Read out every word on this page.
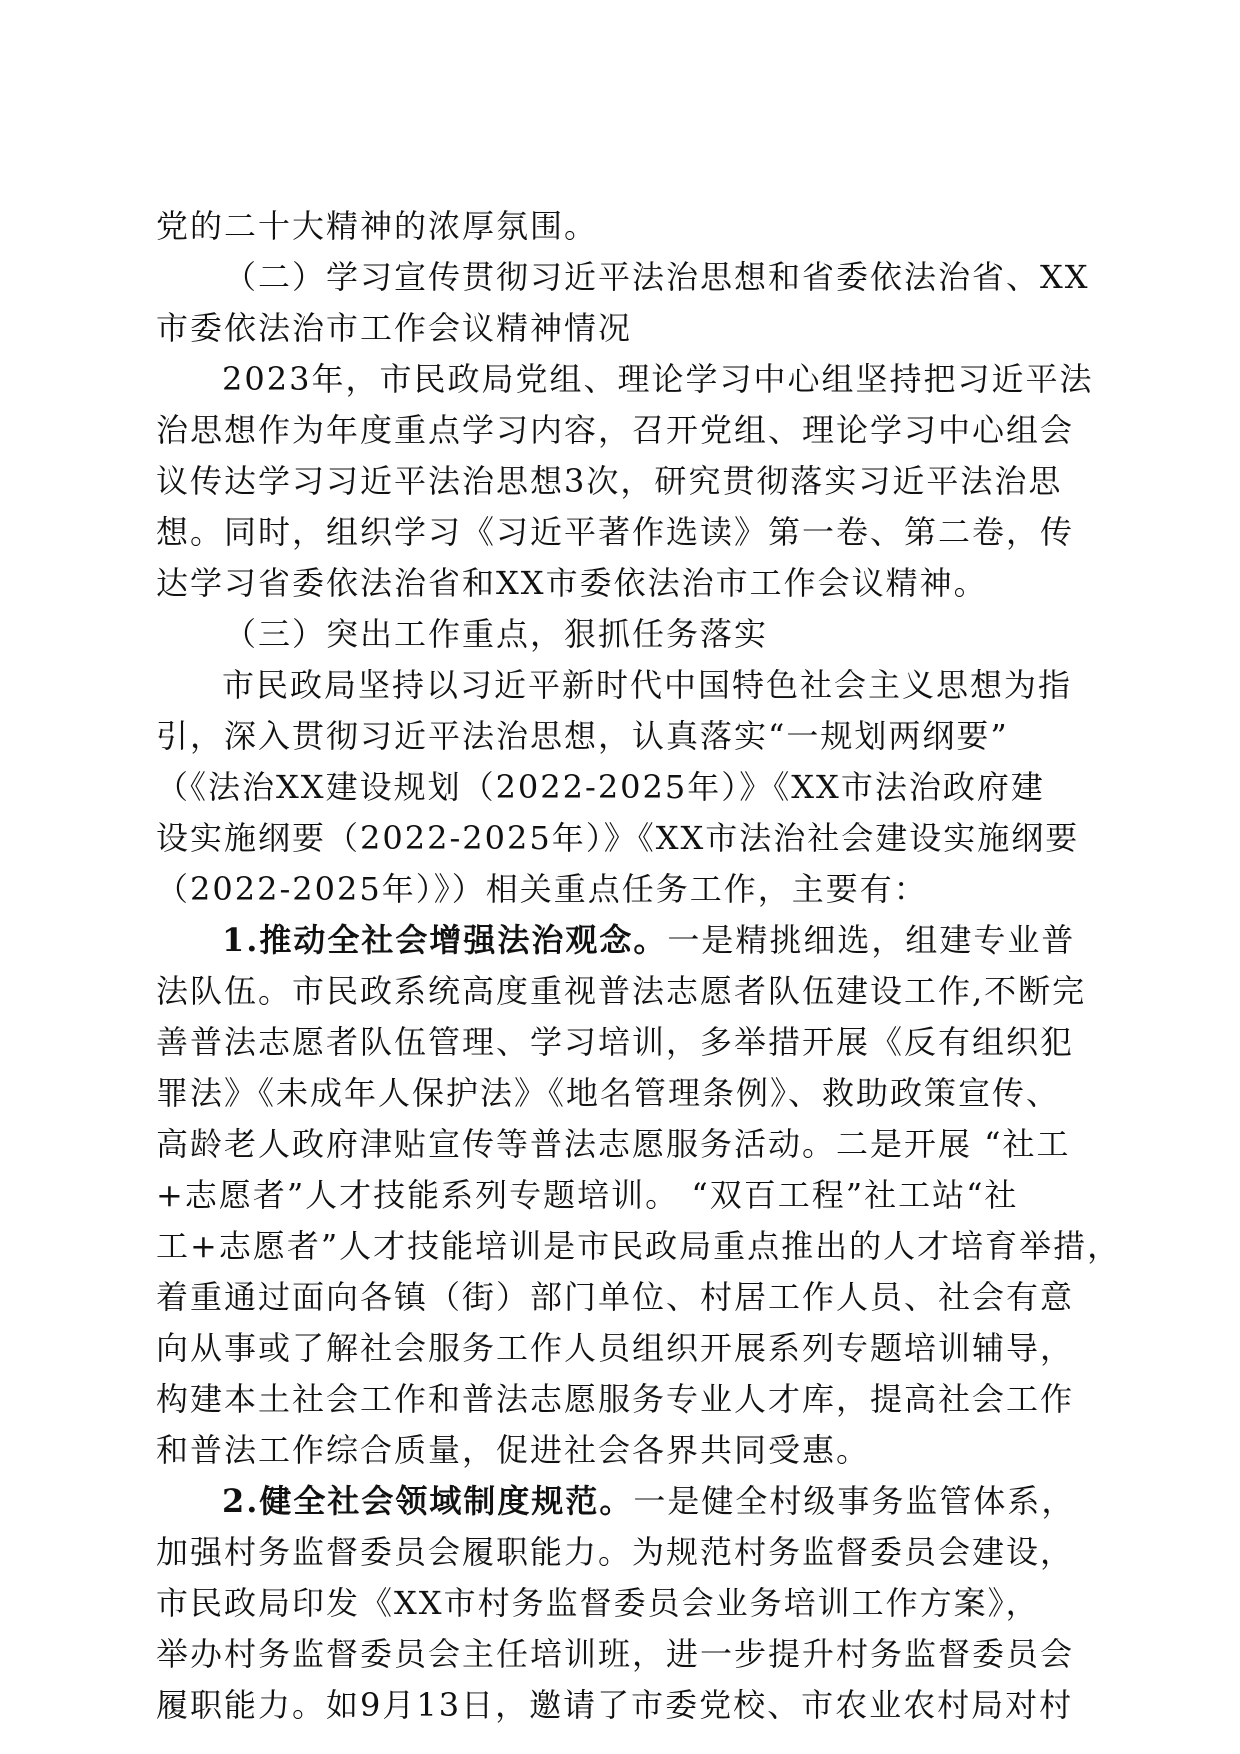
党的二十大精神的浓厚氛围。
（二）学习宣传贯彻习近平法治思想和省委依法治省、XX
市委依法治市工作会议精神情况
2023年，市民政局党组、理论学习中心组坚持把习近平法
治思想作为年度重点学习内容，召开党组、理论学习中心组会
议传达学习习近平法治思想3次，研究贯彻落实习近平法治思
想。同时，组织学习《习近平著作选读》第一卷、第二卷，传
达学习省委依法治省和XX市委依法治市工作会议精神。
（三）突出工作重点，狠抓任务落实
市民政局坚持以习近平新时代中国特色社会主义思想为指
引，深入贯彻习近平法治思想，认真落实“一规划两纲要”
（《法治XX建设规划（2022-2025年）》《XX市法治政府建
设实施纲要（2022-2025年）》《XX市法治社会建设实施纲要
（2022-2025年）》）相关重点任务工作，主要有：
1.推动全社会增强法治观念。一是精挑细选，组建专业普
法队伍。市民政系统高度重视普法志愿者队伍建设工作,不断完
善普法志愿者队伍管理、学习培训，多举措开展《反有组织犯
罪法》《未成年人保护法》《地名管理条例》、救助政策宣传、
高龄老人政府津贴宣传等普法志愿服务活动。二是开展 “社工
+志愿者”人才技能系列专题培训。 “双百工程”社工站“社
工+志愿者”人才技能培训是市民政局重点推出的人才培育举措，
着重通过面向各镇（街）部门单位、村居工作人员、社会有意
向从事或了解社会服务工作人员组织开展系列专题培训辅导，
构建本土社会工作和普法志愿服务专业人才库，提高社会工作
和普法工作综合质量，促进社会各界共同受惠。
2.健全社会领域制度规范。一是健全村级事务监管体系，
加强村务监督委员会履职能力。为规范村务监督委员会建设，
市民政局印发《XX市村务监督委员会业务培训工作方案》，
举办村务监督委员会主任培训班，进一步提升村务监督委员会
履职能力。如9月13日，邀请了市委党校、市农业农村局对村
